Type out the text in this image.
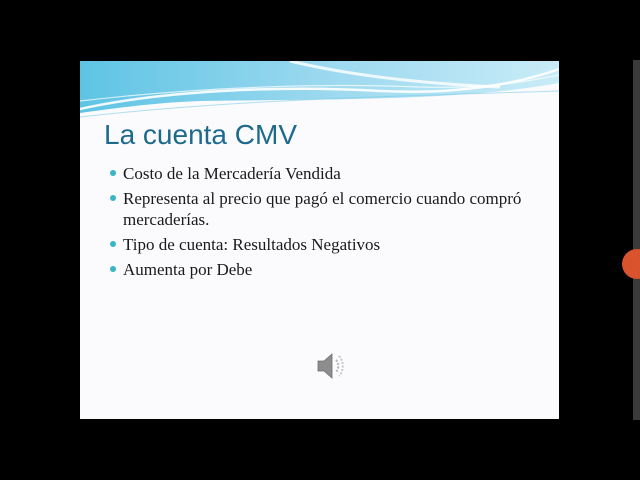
La cuenta CMV
Costo de la Mercadería Vendida
Representa al precio que pagó el comercio cuando compró mercaderías.
Tipo de cuenta: Resultados Negativos
Aumenta por Debe
